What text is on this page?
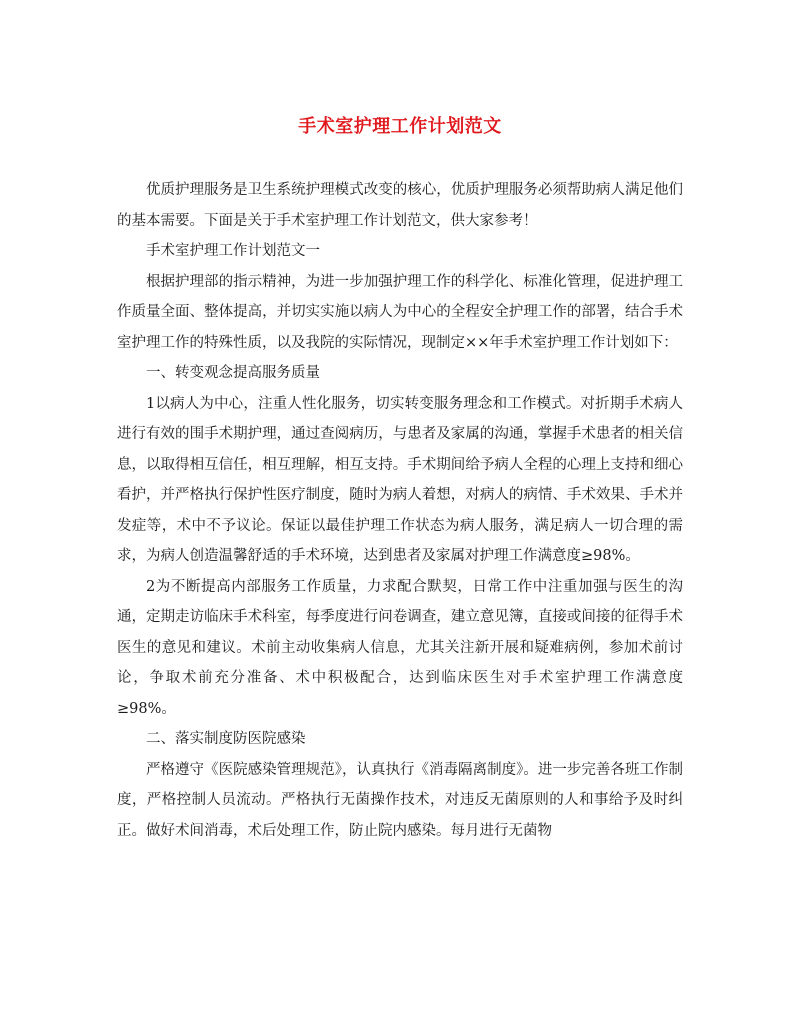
手术室护理工作计划范文

优质护理服务是卫生系统护理模式改变的核心，优质护理服务必须帮助病人满足他们的基本需要。下面是关于手术室护理工作计划范文，供大家参考！

手术室护理工作计划范文一

根据护理部的指示精神，为进一步加强护理工作的科学化、标准化管理，促进护理工作质量全面、整体提高，并切实实施以病人为中心的全程安全护理工作的部署，结合手术室护理工作的特殊性质，以及我院的实际情况，现制定××年手术室护理工作计划如下：

一、转变观念提高服务质量

1以病人为中心，注重人性化服务，切实转变服务理念和工作模式。对折期手术病人进行有效的围手术期护理，通过查阅病历，与患者及家属的沟通，掌握手术患者的相关信息，以取得相互信任，相互理解，相互支持。手术期间给予病人全程的心理上支持和细心看护，并严格执行保护性医疗制度，随时为病人着想，对病人的病情、手术效果、手术并发症等，术中不予议论。保证以最佳护理工作状态为病人服务，满足病人一切合理的需求，为病人创造温馨舒适的手术环境，达到患者及家属对护理工作满意度≥98%。

2为不断提高内部服务工作质量，力求配合默契，日常工作中注重加强与医生的沟通，定期走访临床手术科室，每季度进行问卷调查，建立意见簿，直接或间接的征得手术医生的意见和建议。术前主动收集病人信息，尤其关注新开展和疑难病例，参加术前讨论，争取术前充分准备、术中积极配合，达到临床医生对手术室护理工作满意度≥98%。

二、落实制度防医院感染

严格遵守《医院感染管理规范》，认真执行《消毒隔离制度》。进一步完善各班工作制度，严格控制人员流动。严格执行无菌操作技术，对违反无菌原则的人和事给予及时纠正。做好术间消毒，术后处理工作，防止院内感染。每月进行无菌物
